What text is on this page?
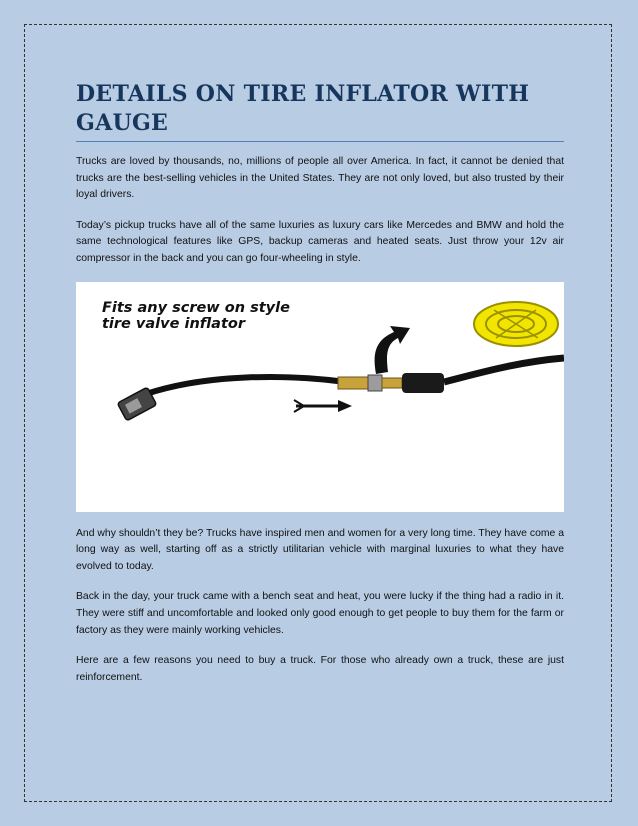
DETAILS ON TIRE INFLATOR WITH GAUGE

Trucks are loved by thousands, no, millions of people all over America. In fact, it cannot be denied that trucks are the best-selling vehicles in the United States. They are not only loved, but also trusted by their loyal drivers.

Today’s pickup trucks have all of the same luxuries as luxury cars like Mercedes and BMW and hold the same technological features like GPS, backup cameras and heated seats. Just throw your 12v air compressor in the back and you can go four-wheeling in style.

Fits any screw on style
tire valve inflator

And why shouldn’t they be? Trucks have inspired men and women for a very long time. They have come a long way as well, starting off as a strictly utilitarian vehicle with marginal luxuries to what they have evolved to today.

Back in the day, your truck came with a bench seat and heat, you were lucky if the thing had a radio in it. They were stiff and uncomfortable and looked only good enough to get people to buy them for the farm or factory as they were mainly working vehicles.

Here are a few reasons you need to buy a truck. For those who already own a truck, these are just reinforcement.
